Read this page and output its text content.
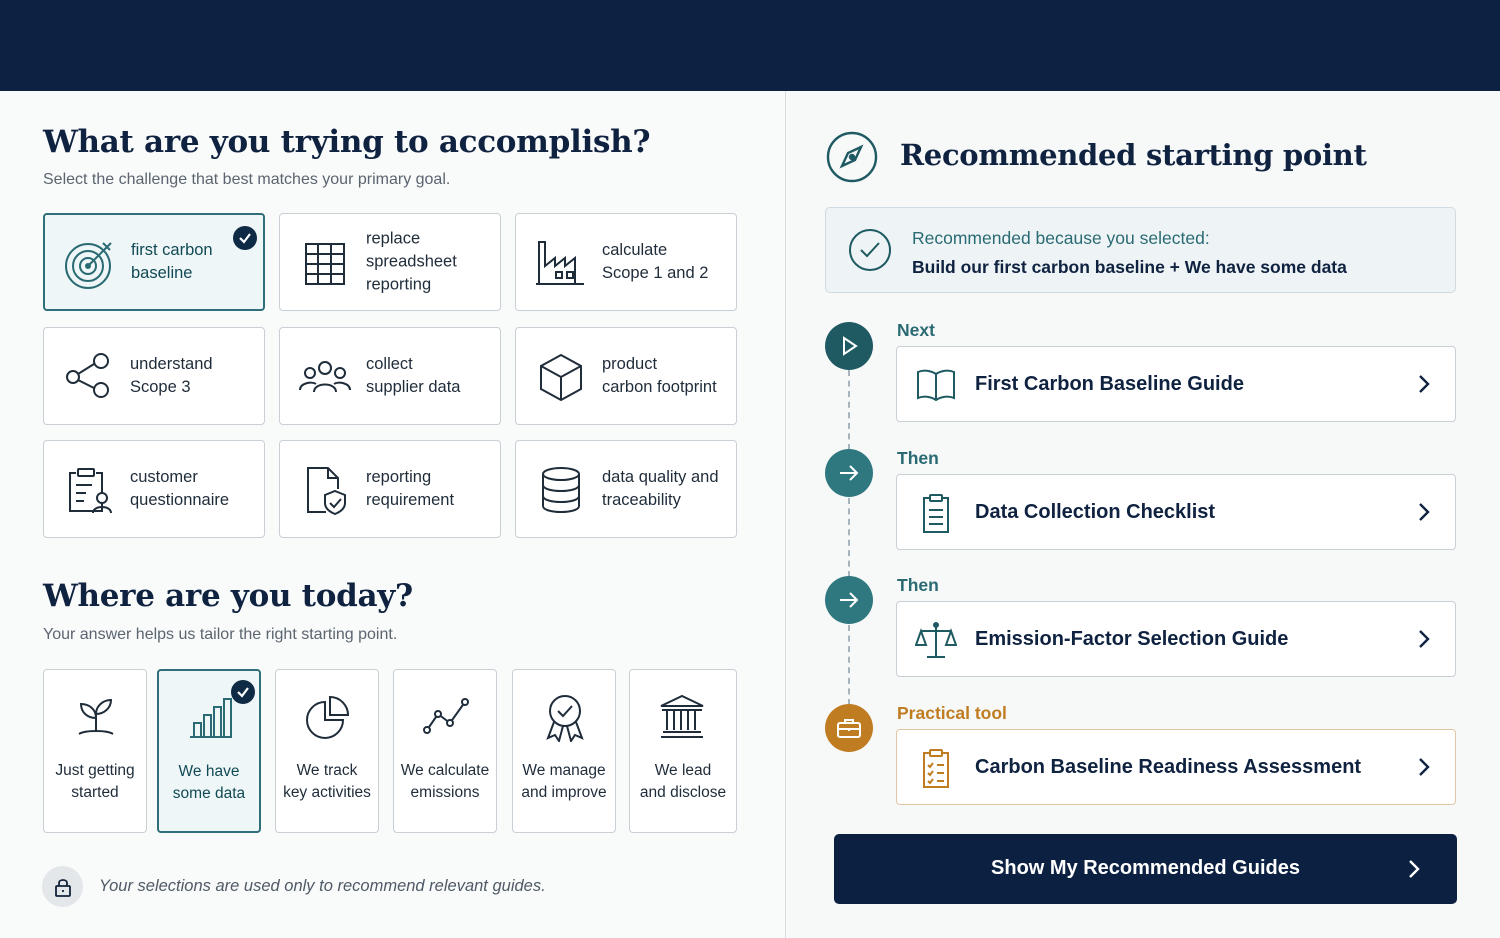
What are you trying to accomplish?
Select the challenge that best matches your primary goal.
first carbon
baseline
replace
spreadsheet
reporting
calculate
Scope 1 and 2
understand
Scope 3
collect
supplier data
product
carbon footprint
customer
questionnaire
reporting
requirement
data quality and
traceability
Where are you today?
Your answer helps us tailor the right starting point.
Just getting
started
We have
some data
We track
key activities
We calculate
emissions
We manage
and improve
We lead
and disclose
Your selections are used only to recommend relevant guides.
Recommended starting point
Recommended because you selected:
Build our first carbon baseline + We have some data
Next
First Carbon Baseline Guide
Then
Data Collection Checklist
Then
Emission-Factor Selection Guide
Practical tool
Carbon Baseline Readiness Assessment
Show My Recommended Guides
